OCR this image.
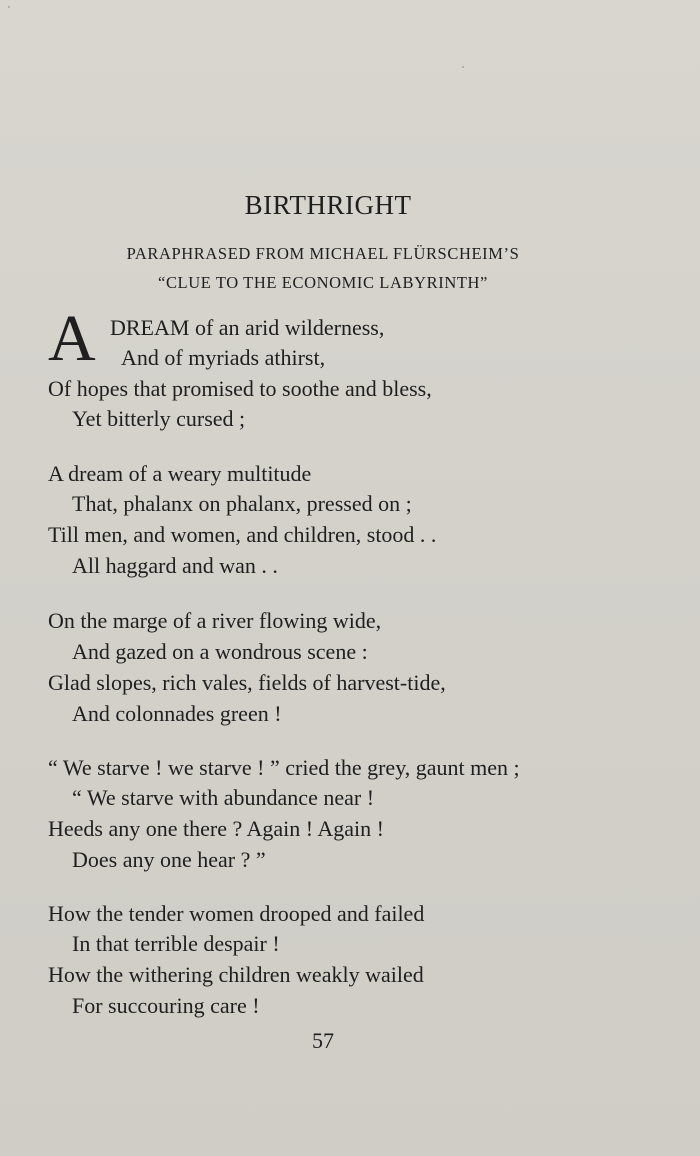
BIRTHRIGHT
PARAPHRASED FROM MICHAEL FLÜRSCHEIM’S
“CLUE TO THE ECONOMIC LABYRINTH”
A DREAM of an arid wilderness,
And of myriads athirst,
Of hopes that promised to soothe and bless,
Yet bitterly cursed ;
A dream of a weary multitude
That, phalanx on phalanx, pressed on ;
Till men, and women, and children, stood . .
All haggard and wan . .
On the marge of a river flowing wide,
And gazed on a wondrous scene :
Glad slopes, rich vales, fields of harvest-tide,
And colonnades green !
“ We starve ! we starve ! ” cried the grey, gaunt men ;
“ We starve with abundance near !
Heeds any one there ? Again ! Again !
Does any one hear ? ”
How the tender women drooped and failed
In that terrible despair !
How the withering children weakly wailed
For succouring care !
57
